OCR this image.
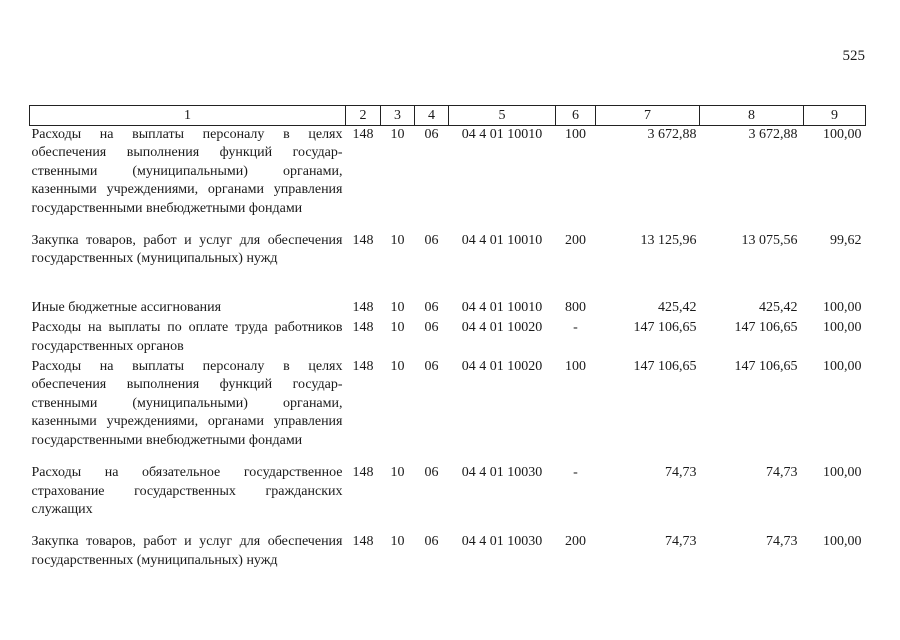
525
1	2	3	4	5	6	7	8	9
Расходы на выплаты персоналу в целях обеспечения выполнения функций государ-ственными (муниципальными) органами, казенными учреждениями, органами управления государственными внебюджетными фондами	148	10	06	04 4 01 10010	100	3 672,88	3 672,88	100,00
Закупка товаров, работ и услуг для обеспечения государственных (муниципальных) нужд	148	10	06	04 4 01 10010	200	13 125,96	13 075,56	99,62
Иные бюджетные ассигнования	148	10	06	04 4 01 10010	800	425,42	425,42	100,00
Расходы на выплаты по оплате труда работников государственных органов	148	10	06	04 4 01 10020	-	147 106,65	147 106,65	100,00
Расходы на выплаты персоналу в целях обеспечения выполнения функций государ-ственными (муниципальными) органами, казенными учреждениями, органами управления государственными внебюджетными фондами	148	10	06	04 4 01 10020	100	147 106,65	147 106,65	100,00
Расходы на обязательное государственное страхование государственных гражданских служащих	148	10	06	04 4 01 10030	-	74,73	74,73	100,00
Закупка товаров, работ и услуг для обеспечения государственных (муниципальных) нужд	148	10	06	04 4 01 10030	200	74,73	74,73	100,00
